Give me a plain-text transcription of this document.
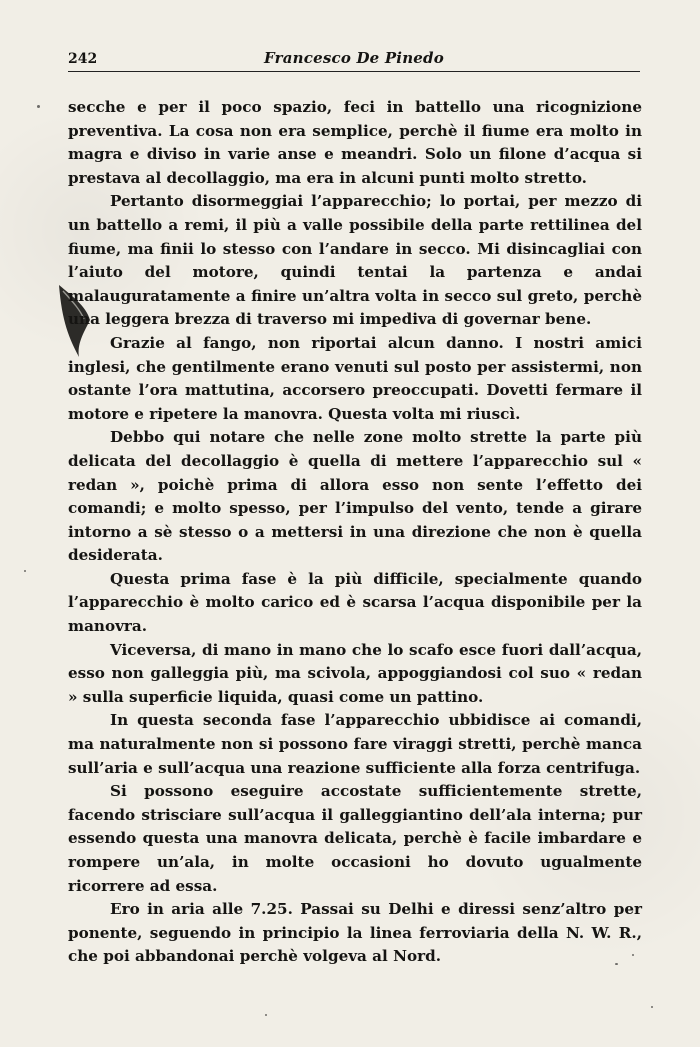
242	Francesco De Pinedo

secche e per il poco spazio, feci in battello una ricognizione preventiva. La cosa non era semplice, perchè il fiume era molto in magra e diviso in varie anse e meandri. Solo un filone d’acqua si prestava al decollaggio, ma era in alcuni punti molto stretto.

Pertanto disormeggiai l’apparecchio; lo portai, per mezzo di un battello a remi, il più a valle possibile della parte rettilinea del fiume, ma finii lo stesso con l’andare in secco. Mi disincagliai con l’aiuto del motore, quindi tentai la partenza e andai malauguratamente a finire un’altra volta in secco sul greto, perchè una leggera brezza di traverso mi impediva di governar bene.

Grazie al fango, non riportai alcun danno. I nostri amici inglesi, che gentilmente erano venuti sul posto per assistermi, non ostante l’ora mattutina, accorsero preoccupati. Dovetti fermare il motore e ripetere la manovra. Questa volta mi riuscì.

Debbo qui notare che nelle zone molto strette la parte più delicata del decollaggio è quella di mettere l’apparecchio sul « redan », poichè prima di allora esso non sente l’effetto dei comandi; e molto spesso, per l’impulso del vento, tende a girare intorno a sè stesso o a mettersi in una direzione che non è quella desiderata.

Questa prima fase è la più difficile, specialmente quando l’apparecchio è molto carico ed è scarsa l’acqua disponibile per la manovra.

Viceversa, di mano in mano che lo scafo esce fuori dall’acqua, esso non galleggia più, ma scivola, appoggiandosi col suo « redan » sulla superficie liquida, quasi come un pattino.

In questa seconda fase l’apparecchio ubbidisce ai comandi, ma naturalmente non si possono fare viraggi stretti, perchè manca sull’aria e sull’acqua una reazione sufficiente alla forza centrifuga.

Si possono eseguire accostate sufficientemente strette, facendo strisciare sull’acqua il galleggiantino dell’ala interna; pur essendo questa una manovra delicata, perchè è facile imbardare e rompere un’ala, in molte occasioni ho dovuto ugualmente ricorrere ad essa.

Ero in aria alle 7.25. Passai su Delhi e diressi senz’altro per ponente, seguendo in principio la linea ferroviaria della N. W. R., che poi abbandonai perchè volgeva al Nord.
